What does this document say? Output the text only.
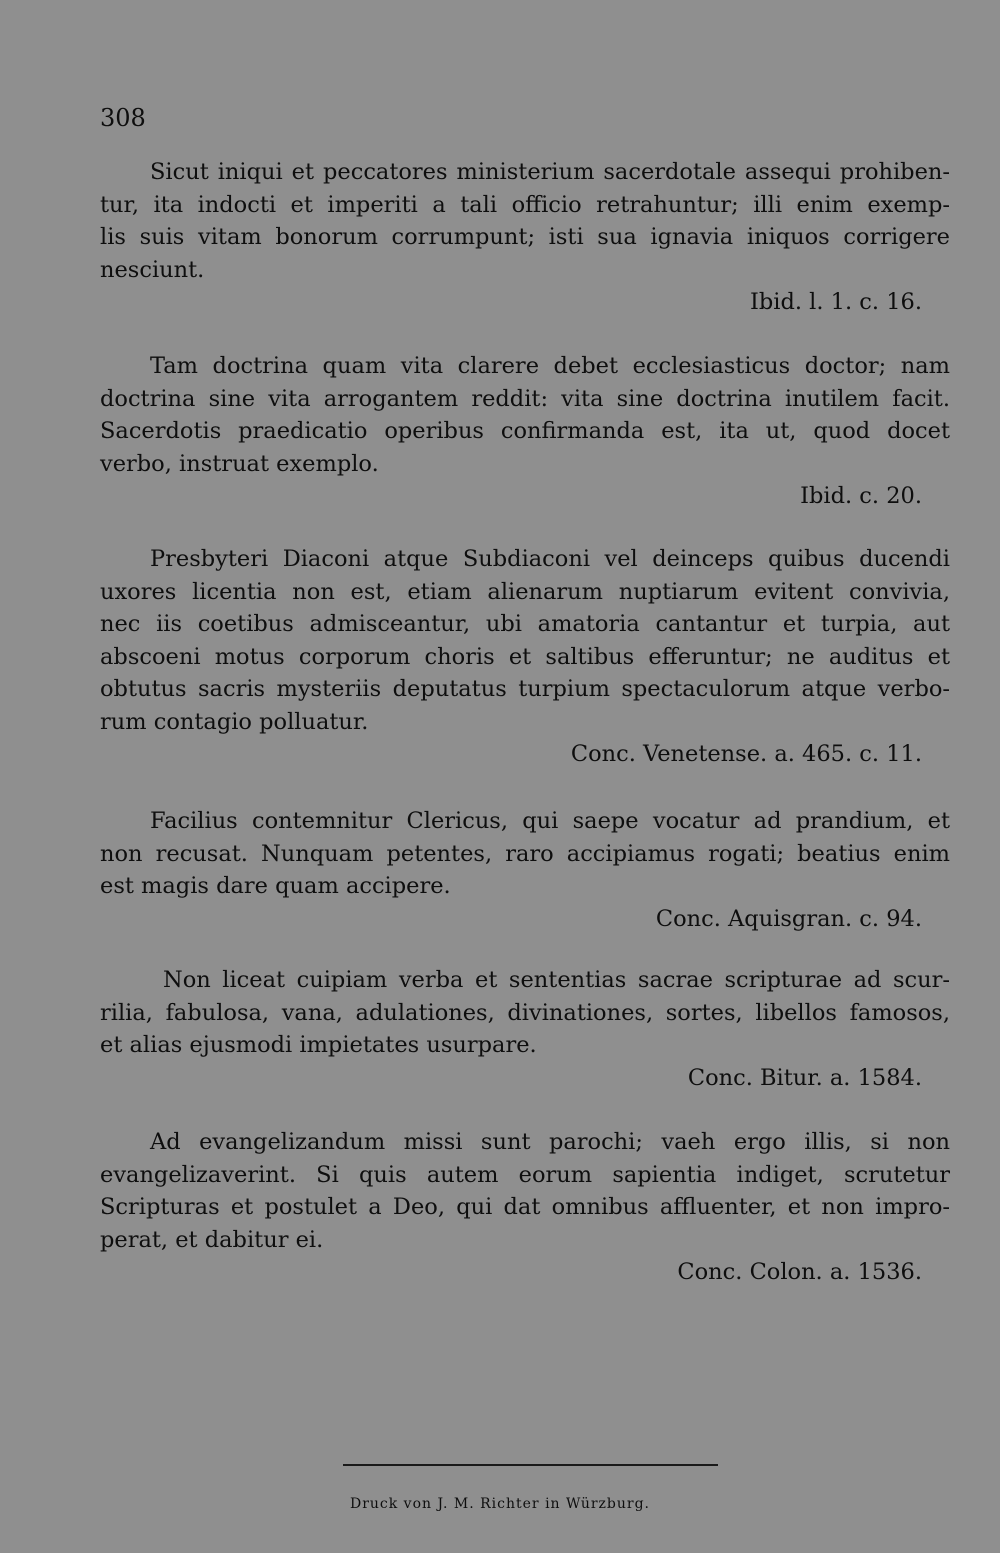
308
Sicut iniqui et peccatores ministerium sacerdotale assequi prohiben-
tur, ita indocti et imperiti a tali officio retrahuntur; illi enim exemp-
lis suis vitam bonorum corrumpunt; isti sua ignavia iniquos corrigere
nesciunt.
Ibid. l. 1. c. 16.
Tam doctrina quam vita clarere debet ecclesiasticus doctor; nam
doctrina sine vita arrogantem reddit: vita sine doctrina inutilem facit.
Sacerdotis praedicatio operibus confirmanda est, ita ut, quod docet
verbo, instruat exemplo.
Ibid. c. 20.
Presbyteri Diaconi atque Subdiaconi vel deinceps quibus ducendi
uxores licentia non est, etiam alienarum nuptiarum evitent convivia,
nec iis coetibus admisceantur, ubi amatoria cantantur et turpia, aut
abscoeni motus corporum choris et saltibus efferuntur; ne auditus et
obtutus sacris mysteriis deputatus turpium spectaculorum atque verbo-
rum contagio polluatur.
Conc. Venetense. a. 465. c. 11.
Facilius contemnitur Clericus, qui saepe vocatur ad prandium, et
non recusat. Nunquam petentes, raro accipiamus rogati; beatius enim
est magis dare quam accipere.
Conc. Aquisgran. c. 94.
Non liceat cuipiam verba et sententias sacrae scripturae ad scur-
rilia, fabulosa, vana, adulationes, divinationes, sortes, libellos famosos,
et alias ejusmodi impietates usurpare.
Conc. Bitur. a. 1584.
Ad evangelizandum missi sunt parochi; vaeh ergo illis, si non
evangelizaverint. Si quis autem eorum sapientia indiget, scrutetur
Scripturas et postulet a Deo, qui dat omnibus affluenter, et non impro-
perat, et dabitur ei.
Conc. Colon. a. 1536.
Druck von J. M. Richter in Würzburg.
